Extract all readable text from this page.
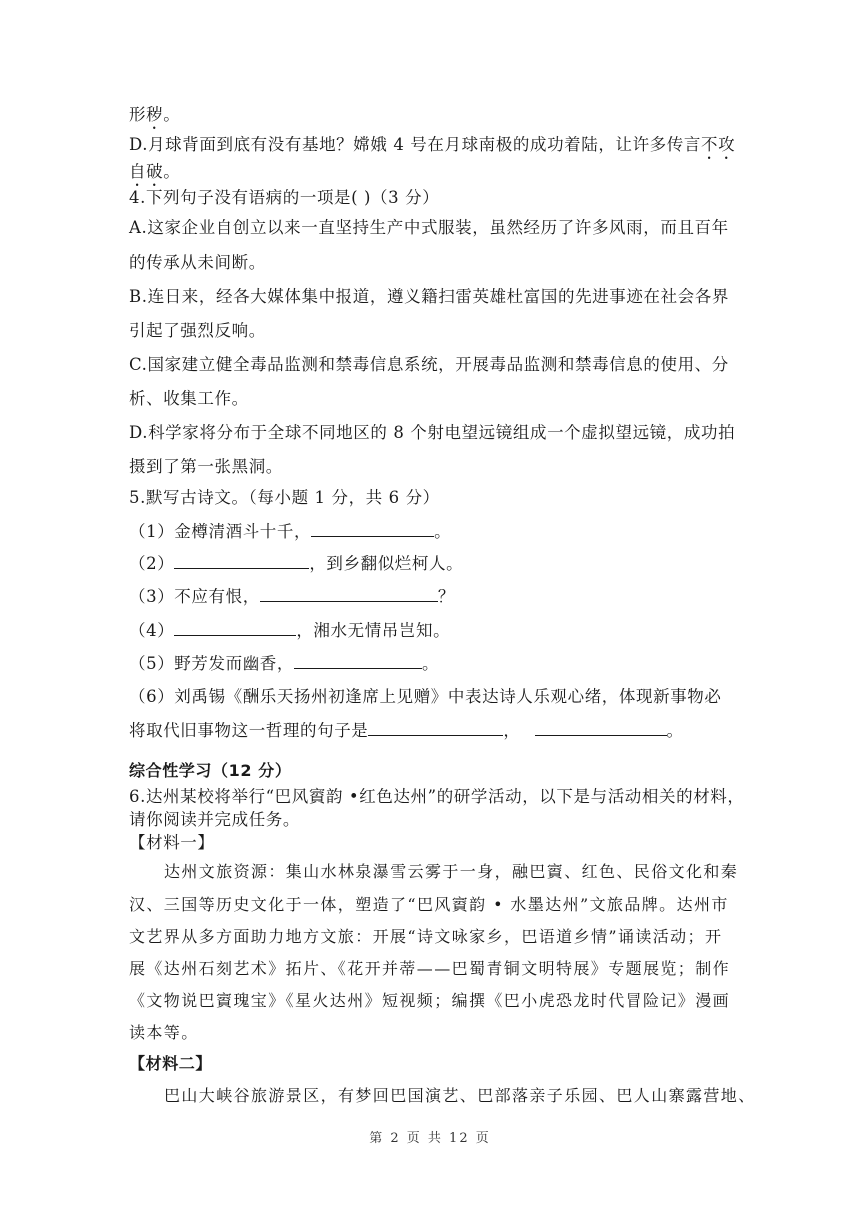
形秽。
D.月球背面到底有没有基地？嫦娥 4 号在月球南极的成功着陆，让许多传言不攻
自破。
4.下列句子没有语病的一项是( )（3 分）
A.这家企业自创立以来一直坚持生产中式服装，虽然经历了许多风雨，而且百年
的传承从未间断。
B.连日来，经各大媒体集中报道，遵义籍扫雷英雄杜富国的先进事迹在社会各界
引起了强烈反响。
C.国家建立健全毒品监测和禁毒信息系统，开展毒品监测和禁毒信息的使用、分
析、收集工作。
D.科学家将分布于全球不同地区的 8 个射电望远镜组成一个虚拟望远镜，成功拍
摄到了第一张黑洞。
5.默写古诗文。（每小题 1 分，共 6 分）
（1）金樽清酒斗十千，	。
（2）	，到乡翻似烂柯人。
（3）不应有恨，	？
（4）	，湘水无情吊岂知。
（5）野芳发而幽香，	。
（6）刘禹锡《酬乐天扬州初逢席上见赠》中表达诗人乐观心绪，体现新事物必
将取代旧事物这一哲理的句子是	，	。
综合性学习（12 分）
6.达州某校将举行“巴风賨韵 •红色达州”的研学活动，以下是与活动相关的材料，
请你阅读并完成任务。
【材料一】
达州文旅资源：集山水林泉瀑雪云雾于一身，融巴賨、红色、民俗文化和秦
汉、三国等历史文化于一体，塑造了“巴风賨韵 • 水墨达州”文旅品牌。达州市
文艺界从多方面助力地方文旅：开展“诗文咏家乡，巴语道乡情”诵读活动；开
展《达州石刻艺术》拓片、《花开并蒂——巴蜀青铜文明特展》专题展览；制作
《文物说巴賨瑰宝》《星火达州》短视频；编撰《巴小虎恐龙时代冒险记》漫画
读本等。
【材料二】
巴山大峡谷旅游景区，有梦回巴国演艺、巴部落亲子乐园、巴人山寨露营地、
第 2 页 共 12 页
